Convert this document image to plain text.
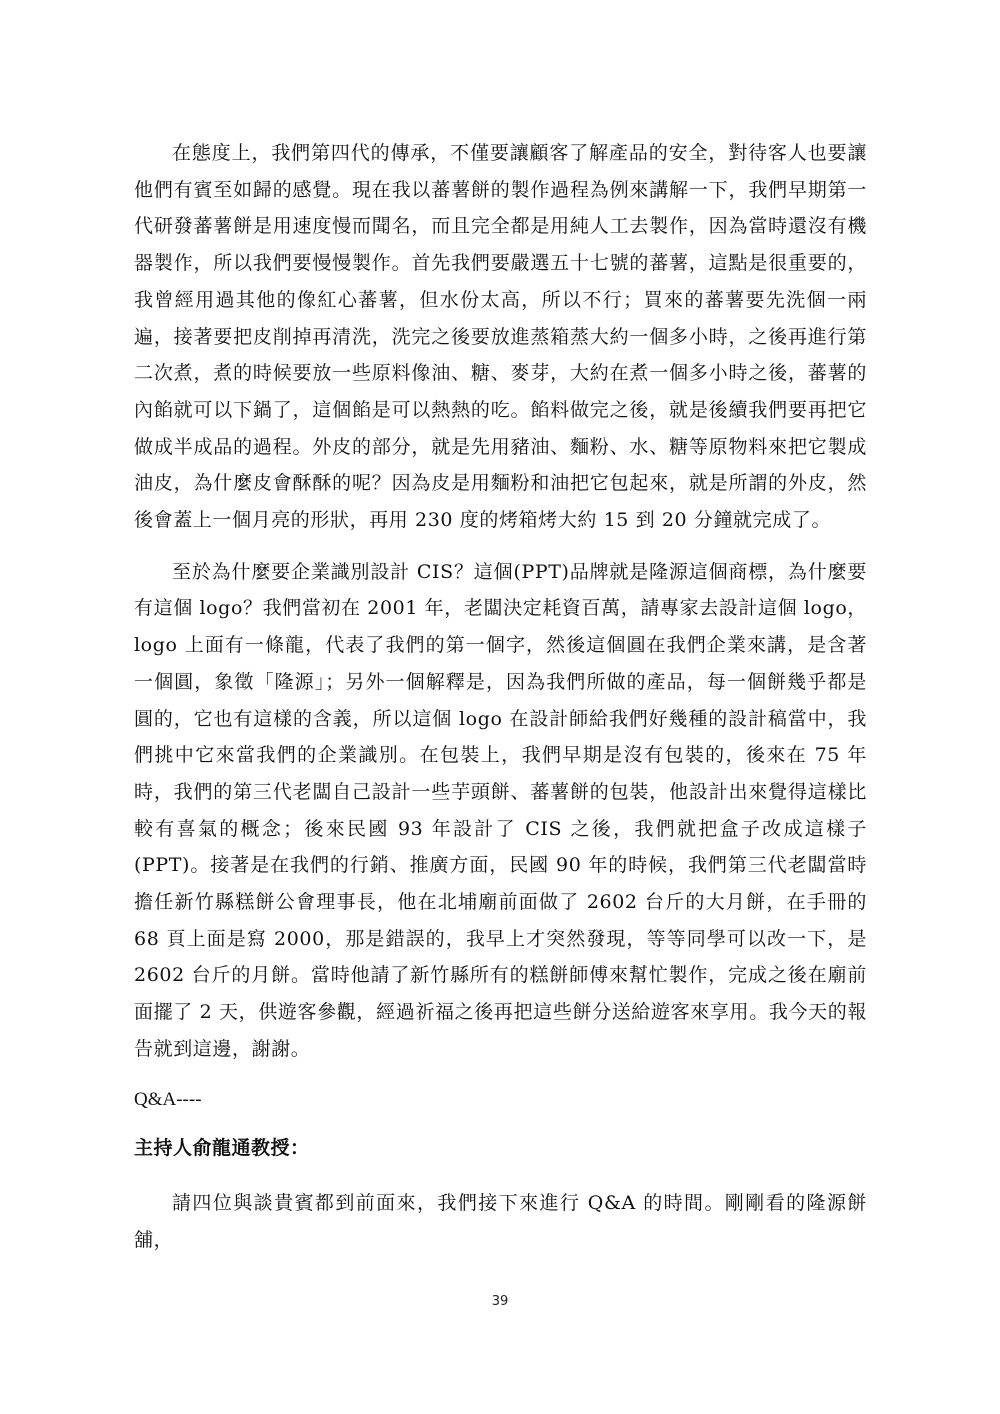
在態度上，我們第四代的傳承，不僅要讓顧客了解產品的安全，對待客人也要讓他們有賓至如歸的感覺。現在我以蕃薯餅的製作過程為例來講解一下，我們早期第一代研發蕃薯餅是用速度慢而聞名，而且完全都是用純人工去製作，因為當時還沒有機器製作，所以我們要慢慢製作。首先我們要嚴選五十七號的蕃薯，這點是很重要的，我曾經用過其他的像紅心蕃薯，但水份太高，所以不行；買來的蕃薯要先洗個一兩遍，接著要把皮削掉再清洗，洗完之後要放進蒸箱蒸大約一個多小時，之後再進行第二次煮，煮的時候要放一些原料像油、糖、麥芽，大約在煮一個多小時之後，蕃薯的內餡就可以下鍋了，這個餡是可以熱熱的吃。餡料做完之後，就是後續我們要再把它做成半成品的過程。外皮的部分，就是先用豬油、麵粉、水、糖等原物料來把它製成油皮，為什麼皮會酥酥的呢？因為皮是用麵粉和油把它包起來，就是所謂的外皮，然後會蓋上一個月亮的形狀，再用 230 度的烤箱烤大約 15 到 20 分鐘就完成了。

至於為什麼要企業識別設計 CIS？這個(PPT)品牌就是隆源這個商標，為什麼要有這個 logo？我們當初在 2001 年，老闆決定耗資百萬，請專家去設計這個 logo，logo 上面有一條龍，代表了我們的第一個字，然後這個圓在我們企業來講，是含著一個圓，象徵「隆源」；另外一個解釋是，因為我們所做的產品，每一個餅幾乎都是圓的，它也有這樣的含義，所以這個 logo 在設計師給我們好幾種的設計稿當中，我們挑中它來當我們的企業識別。在包裝上，我們早期是沒有包裝的，後來在 75 年時，我們的第三代老闆自己設計一些芋頭餅、蕃薯餅的包裝，他設計出來覺得這樣比較有喜氣的概念；後來民國 93 年設計了 CIS 之後，我們就把盒子改成這樣子(PPT)。接著是在我們的行銷、推廣方面，民國 90 年的時候，我們第三代老闆當時擔任新竹縣糕餅公會理事長，他在北埔廟前面做了 2602 台斤的大月餅，在手冊的 68 頁上面是寫 2000，那是錯誤的，我早上才突然發現，等等同學可以改一下，是 2602 台斤的月餅。當時他請了新竹縣所有的糕餅師傅來幫忙製作，完成之後在廟前面擺了 2 天，供遊客參觀，經過祈福之後再把這些餅分送給遊客來享用。我今天的報告就到這邊，謝謝。

Q&A----
主持人俞龍通教授：

請四位與談貴賓都到前面來，我們接下來進行 Q&A 的時間。剛剛看的隆源餅舖，

39
